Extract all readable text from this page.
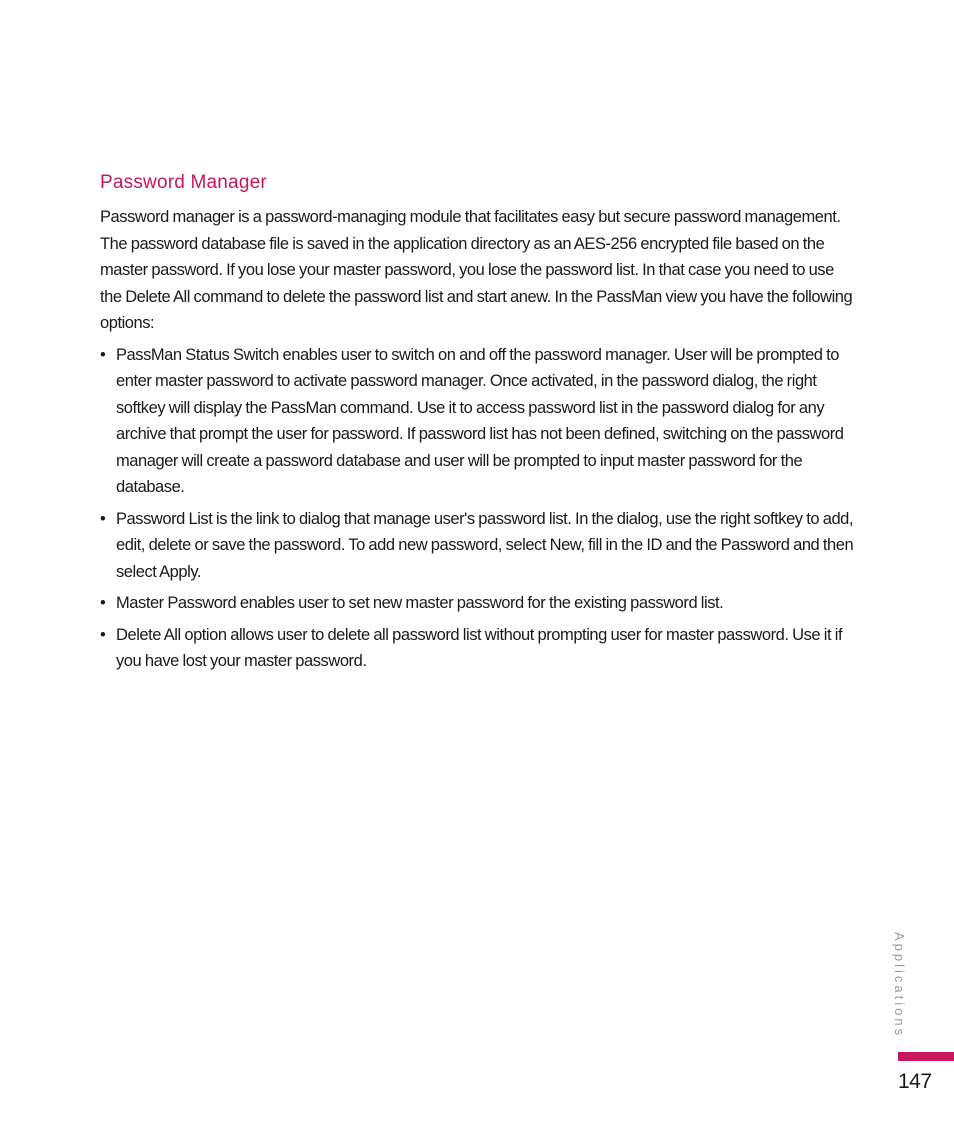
Password Manager

Password manager is a password-managing module that facilitates easy but secure password management. The password database file is saved in the application directory as an AES-256 encrypted file based on the master password. If you lose your master password, you lose the password list. In that case you need to use the Delete All command to delete the password list and start anew. In the PassMan view you have the following options:

• PassMan Status Switch enables user to switch on and off the password manager. User will be prompted to enter master password to activate password manager. Once activated, in the password dialog, the right softkey will display the PassMan command. Use it to access password list in the password dialog for any archive that prompt the user for password. If password list has not been defined, switching on the password manager will create a password database and user will be prompted to input master password for the database.
• Password List is the link to dialog that manage user's password list. In the dialog, use the right softkey to add, edit, delete or save the password. To add new password, select New, fill in the ID and the Password and then select Apply.
• Master Password enables user to set new master password for the existing password list.
• Delete All option allows user to delete all password list without prompting user for master password. Use it if you have lost your master password.
Applications
147
